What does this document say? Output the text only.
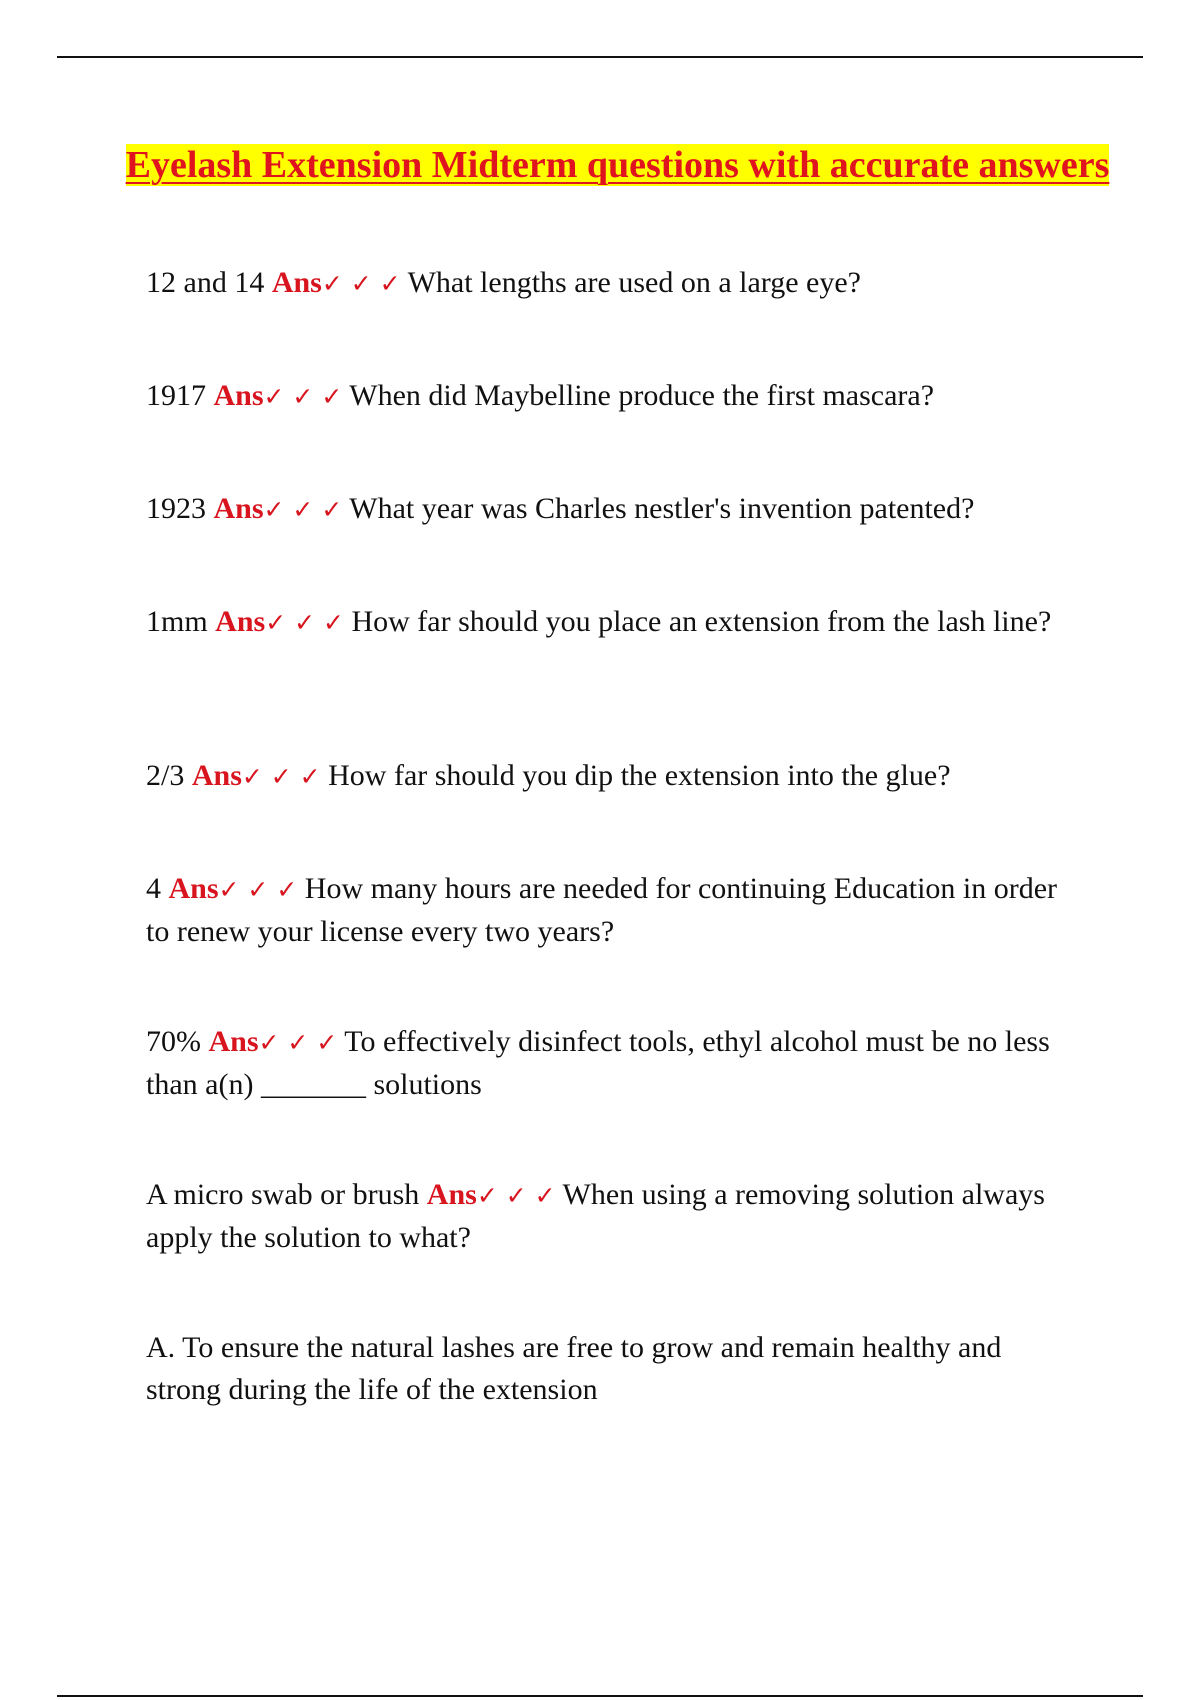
Eyelash Extension Midterm questions with accurate answers

12 and 14 Ans✓ ✓ ✓ What lengths are used on a large eye?

1917 Ans✓ ✓ ✓ When did Maybelline produce the first mascara?

1923 Ans✓ ✓ ✓ What year was Charles nestler's invention patented?

1mm Ans✓ ✓ ✓ How far should you place an extension from the lash line?

2/3 Ans✓ ✓ ✓ How far should you dip the extension into the glue?

4 Ans✓ ✓ ✓ How many hours are needed for continuing Education in order to renew your license every two years?

70% Ans✓ ✓ ✓ To effectively disinfect tools, ethyl alcohol must be no less than a(n) _______ solutions

A micro swab or brush Ans✓ ✓ ✓ When using a removing solution always apply the solution to what?

A. To ensure the natural lashes are free to grow and remain healthy and strong during the life of the extension
